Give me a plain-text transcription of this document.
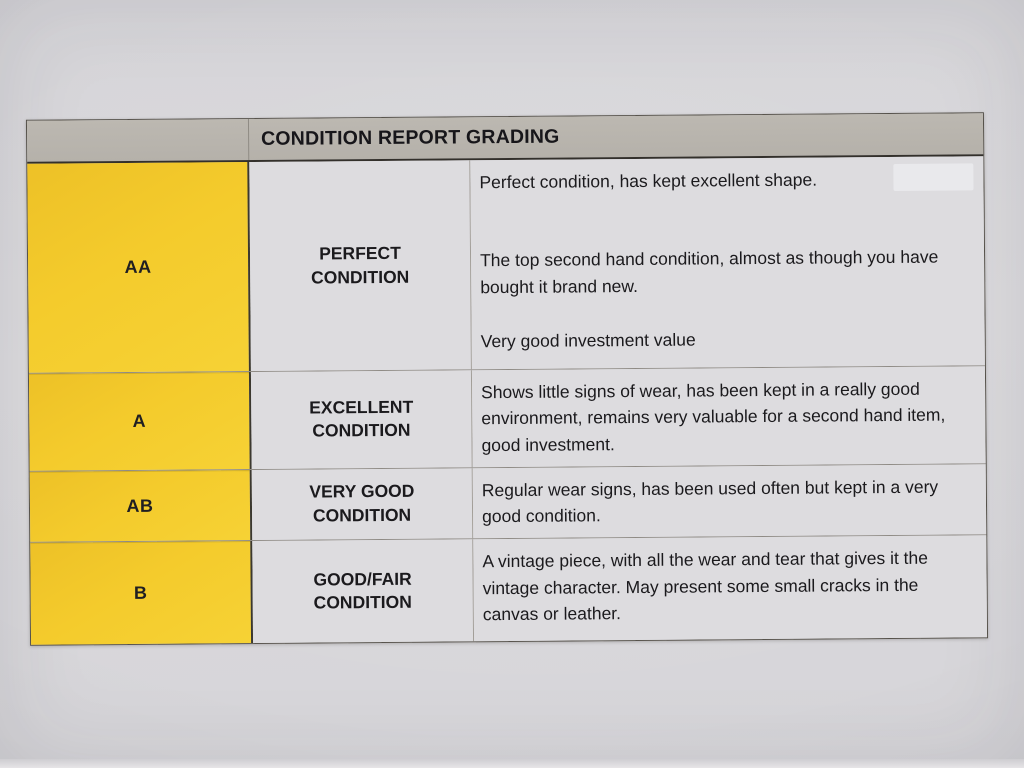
CONDITION REPORT GRADING
AA
PERFECT CONDITION

Perfect condition, has kept excellent shape.

The top second hand condition, almost as though you have bought it brand new.

Very good investment value

A
EXCELLENT CONDITION

Shows little signs of wear, has been kept in a really good environment, remains very valuable for a second hand item, good investment.

AB
VERY GOOD CONDITION

Regular wear signs, has been used often but kept in a very good condition.

B
GOOD/FAIR CONDITION

A vintage piece, with all the wear and tear that gives it the vintage character. May present some small cracks in the canvas or leather.
